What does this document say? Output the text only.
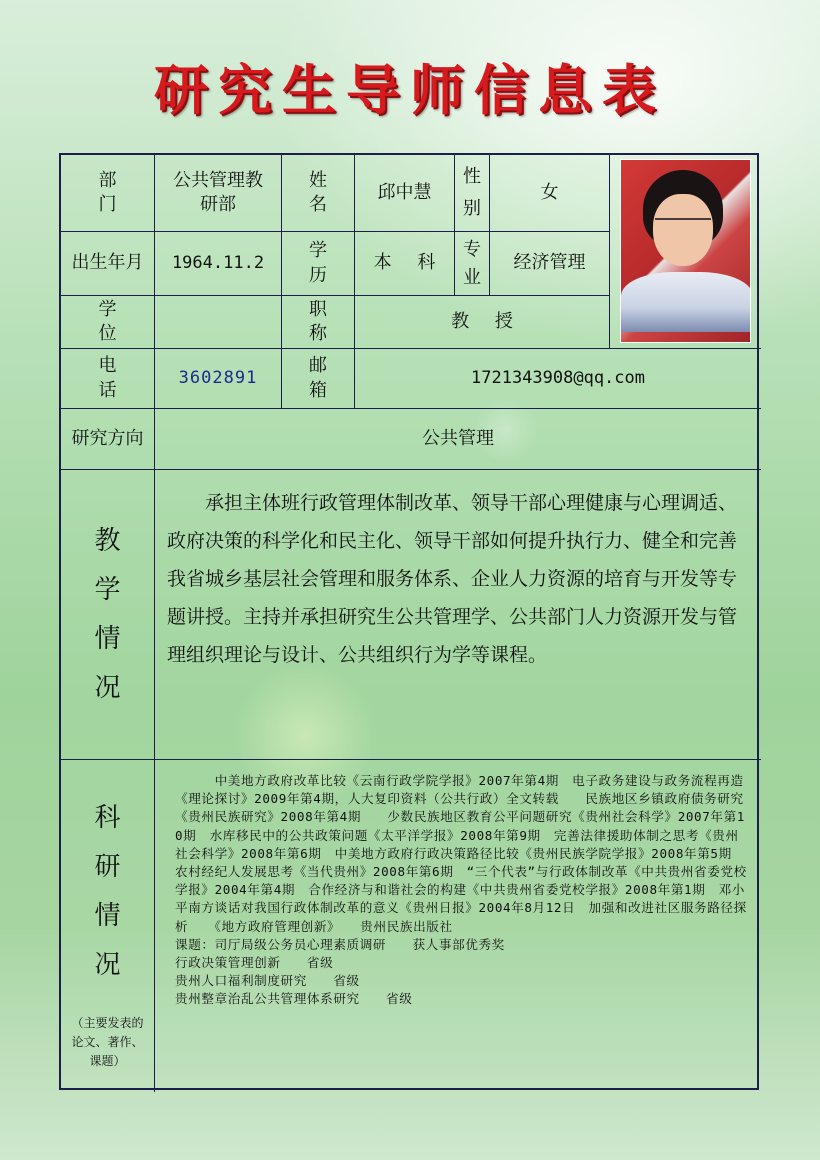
研究生导师信息表
部 门
公共管理教研部
姓 名
邱中慧
性别
女
出生年月	1964.11.2
学 历
本 科
专业
经济管理
学 位
职 称
教 授
电 话
3602891
邮 箱
1721343908@qq.com
研究方向	公共管理
教
学
情
况
　　承担主体班行政管理体制改革、领导干部心理健康与心理调适、政府决策的科学化和民主化、领导干部如何提升执行力、健全和完善我省城乡基层社会管理和服务体系、企业人力资源的培育与开发等专题讲授。主持并承担研究生公共管理学、公共部门人力资源开发与管理组织理论与设计、公共组织行为学等课程。
科
研
情
况
（主要发表的论文、著作、课题）
　　　中美地方政府改革比较《云南行政学院学报》2007年第4期　电子政务建设与政务流程再造《理论探讨》2009年第4期，人大复印资料（公共行政）全文转载　　民族地区乡镇政府债务研究《贵州民族研究》2008年第4期　　少数民族地区教育公平问题研究《贵州社会科学》2007年第10期　水库移民中的公共政策问题《太平洋学报》2008年第9期　完善法律援助体制之思考《贵州社会科学》2008年第6期　中美地方政府行政决策路径比较《贵州民族学院学报》2008年第5期　农村经纪人发展思考《当代贵州》2008年第6期　“三个代表”与行政体制改革《中共贵州省委党校学报》2004年第4期　合作经济与和谐社会的构建《中共贵州省委党校学报》2008年第1期　邓小平南方谈话对我国行政体制改革的意义《贵州日报》2004年8月12日　加强和改进社区服务路径探析　　《地方政府管理创新》　　贵州民族出版社
课题：司厅局级公务员心理素质调研　　获人事部优秀奖
行政决策管理创新　　省级
贵州人口福利制度研究　　省级
贵州整章治乱公共管理体系研究　　省级
